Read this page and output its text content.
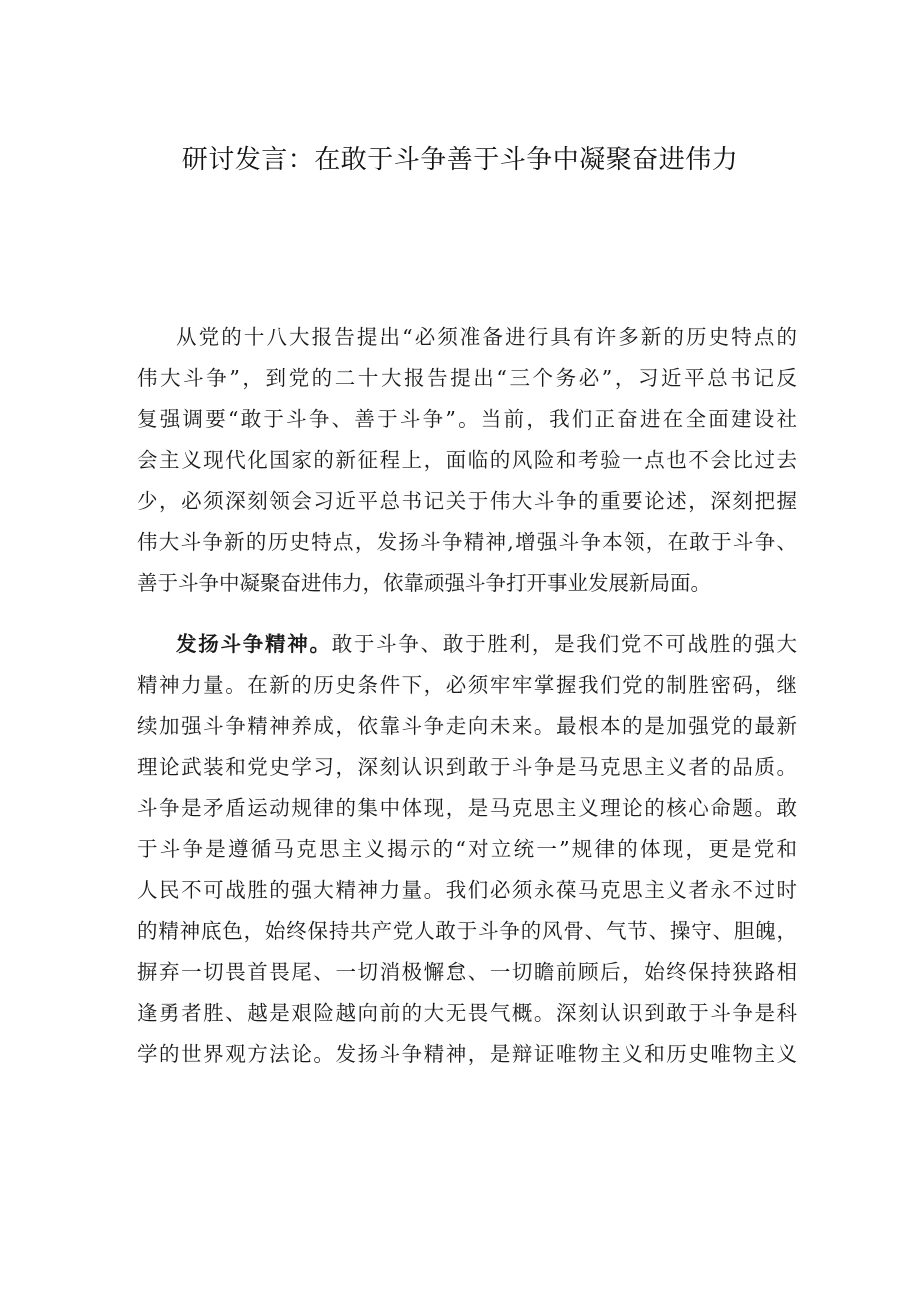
研讨发言：在敢于斗争善于斗争中凝聚奋进伟力
从党的十八大报告提出“必须准备进行具有许多新的历史特点的
伟大斗争”，到党的二十大报告提出“三个务必”，习近平总书记反
复强调要“敢于斗争、善于斗争”。当前，我们正奋进在全面建设社
会主义现代化国家的新征程上，面临的风险和考验一点也不会比过去
少，必须深刻领会习近平总书记关于伟大斗争的重要论述，深刻把握
伟大斗争新的历史特点，发扬斗争精神,增强斗争本领，在敢于斗争、
善于斗争中凝聚奋进伟力，依靠顽强斗争打开事业发展新局面。
发扬斗争精神。敢于斗争、敢于胜利，是我们党不可战胜的强大
精神力量。在新的历史条件下，必须牢牢掌握我们党的制胜密码，继
续加强斗争精神养成，依靠斗争走向未来。最根本的是加强党的最新
理论武装和党史学习，深刻认识到敢于斗争是马克思主义者的品质。
斗争是矛盾运动规律的集中体现，是马克思主义理论的核心命题。敢
于斗争是遵循马克思主义揭示的“对立统一”规律的体现，更是党和
人民不可战胜的强大精神力量。我们必须永葆马克思主义者永不过时
的精神底色，始终保持共产党人敢于斗争的风骨、气节、操守、胆魄，
摒弃一切畏首畏尾、一切消极懈怠、一切瞻前顾后，始终保持狭路相
逢勇者胜、越是艰险越向前的大无畏气概。深刻认识到敢于斗争是科
学的世界观方法论。发扬斗争精神，是辩证唯物主义和历史唯物主义
